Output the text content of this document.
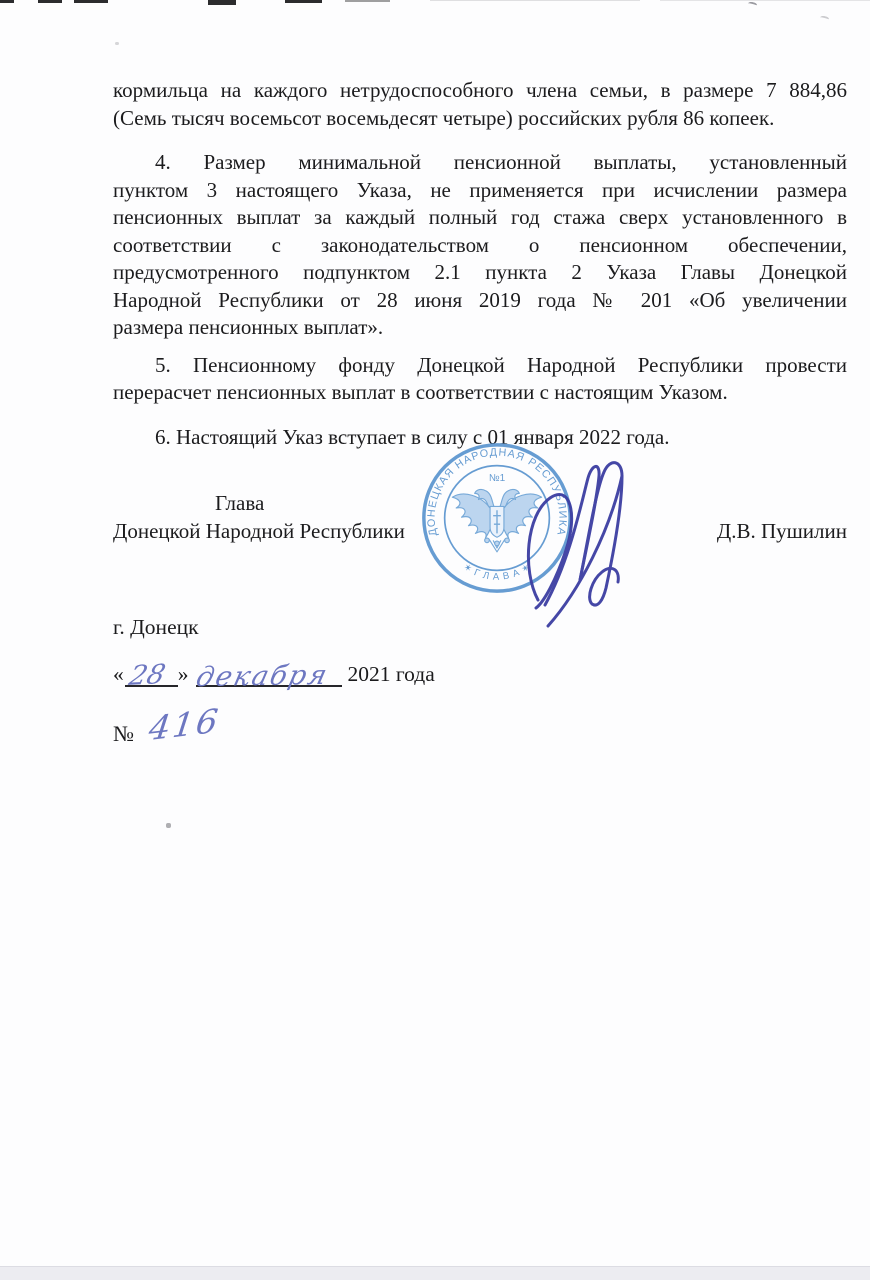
кормильца на каждого нетрудоспособного члена семьи, в размере 7 884,86
(Семь тысяч восемьсот восемьдесят четыре) российских рубля 86 копеек.
4. Размер минимальной пенсионной выплаты, установленный
пунктом 3 настоящего Указа, не применяется при исчислении размера
пенсионных выплат за каждый полный год стажа сверх установленного в
соответствии с законодательством о пенсионном обеспечении,
предусмотренного подпунктом 2.1 пункта 2 Указа Главы Донецкой
Народной Республики от 28 июня 2019 года № 201 «Об увеличении
размера пенсионных выплат».
5. Пенсионному фонду Донецкой Народной Республики провести
перерасчет пенсионных выплат в соответствии с настоящим Указом.
6. Настоящий Указ вступает в силу с 01 января 2022 года.
Глава
Донецкой Народной Республики	Д.В. Пушилин
ДОНЕЦКАЯ НАРОДНАЯ РЕСПУБЛИКА
✶ Г Л А В А ✶
№1
г. Донецк
« 28 » декабря 2021 года
№ 416
